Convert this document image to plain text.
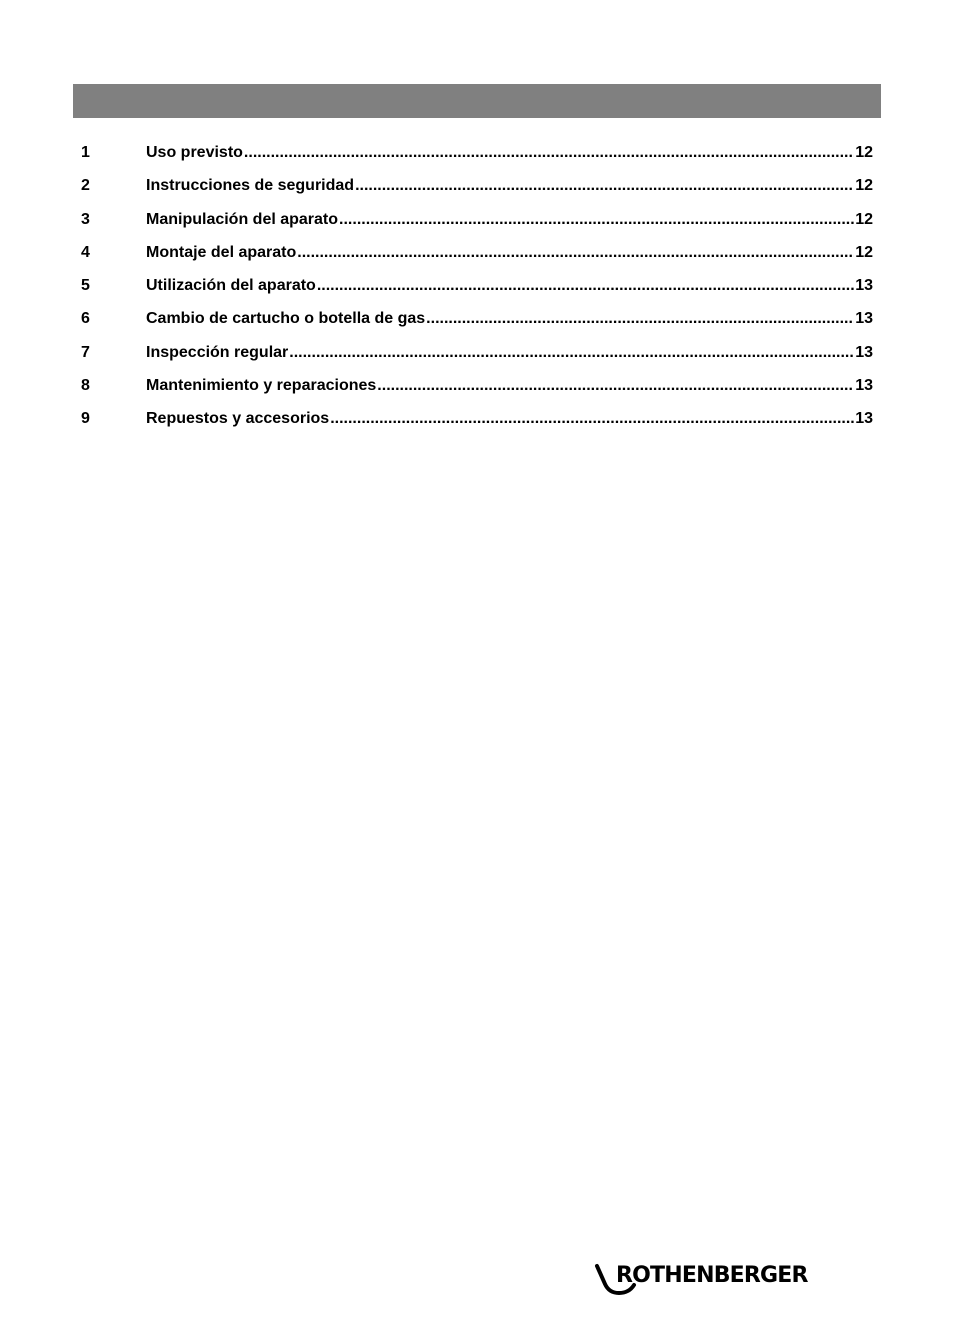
1	Uso previsto .....	12
2	Instrucciones de seguridad .....	12
3	Manipulación del aparato .....	12
4	Montaje del aparato .....	12
5	Utilización del aparato .....	13
6	Cambio de cartucho o botella de gas .....	13
7	Inspección regular .....	13
8	Mantenimiento y reparaciones .....	13
9	Repuestos y accesorios .....	13
ROTHENBERGER
